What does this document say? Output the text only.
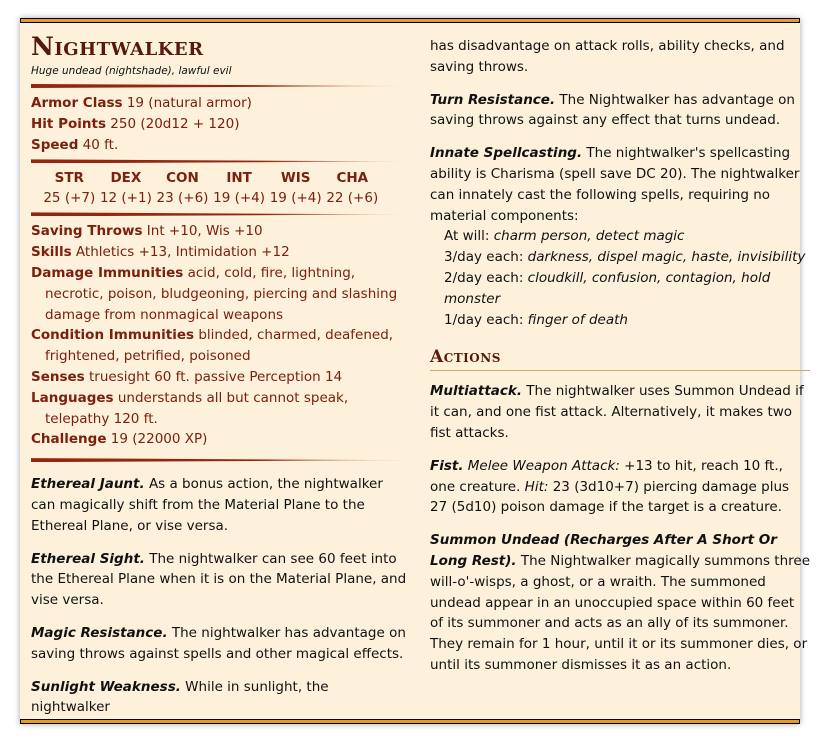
Nightwalker
Huge undead (nightshade), lawful evil
Armor Class 19 (natural armor)
Hit Points 250 (20d12 + 120)
Speed 40 ft.
STR
25 (+7)
DEX
12 (+1)
CON
23 (+6)
INT
19 (+4)
WIS
19 (+4)
CHA
22 (+6)
Saving Throws Int +10, Wis +10
Skills Athletics +13, Intimidation +12
Damage Immunities acid, cold, fire, lightning, necrotic, poison, bludgeoning, piercing and slashing damage from nonmagical weapons
Condition Immunities blinded, charmed, deafened, frightened, petrified, poisoned
Senses truesight 60 ft. passive Perception 14
Languages understands all but cannot speak, telepathy 120 ft.
Challenge 19 (22000 XP)

Ethereal Jaunt. As a bonus action, the nightwalker can magically shift from the Material Plane to the Ethereal Plane, or vise versa.

Ethereal Sight. The nightwalker can see 60 feet into the Ethereal Plane when it is on the Material Plane, and vise versa.

Magic Resistance. The nightwalker has advantage on saving throws against spells and other magical effects.

Sunlight Weakness. While in sunlight, the nightwalker

has disadvantage on attack rolls, ability checks, and saving throws.

Turn Resistance. The Nightwalker has advantage on saving throws against any effect that turns undead.

Innate Spellcasting. The nightwalker's spellcasting ability is Charisma (spell save DC 20). The nightwalker can innately cast the following spells, requiring no material components:

At will: charm person, detect magic

3/day each: darkness, dispel magic, haste, invisibility

2/day each: cloudkill, confusion, contagion, hold monster

1/day each: finger of death

Actions

Multiattack. The nightwalker uses Summon Undead if it can, and one fist attack. Alternatively, it makes two fist attacks.

Fist. Melee Weapon Attack: +13 to hit, reach 10 ft., one creature. Hit: 23 (3d10+7) piercing damage plus 27 (5d10) poison damage if the target is a creature.

Summon Undead (Recharges After A Short Or Long Rest). The Nightwalker magically summons three will-o'-wisps, a ghost, or a wraith. The summoned undead appear in an unoccupied space within 60 feet of its summoner and acts as an ally of its summoner. They remain for 1 hour, until it or its summoner dies, or until its summoner dismisses it as an action.
